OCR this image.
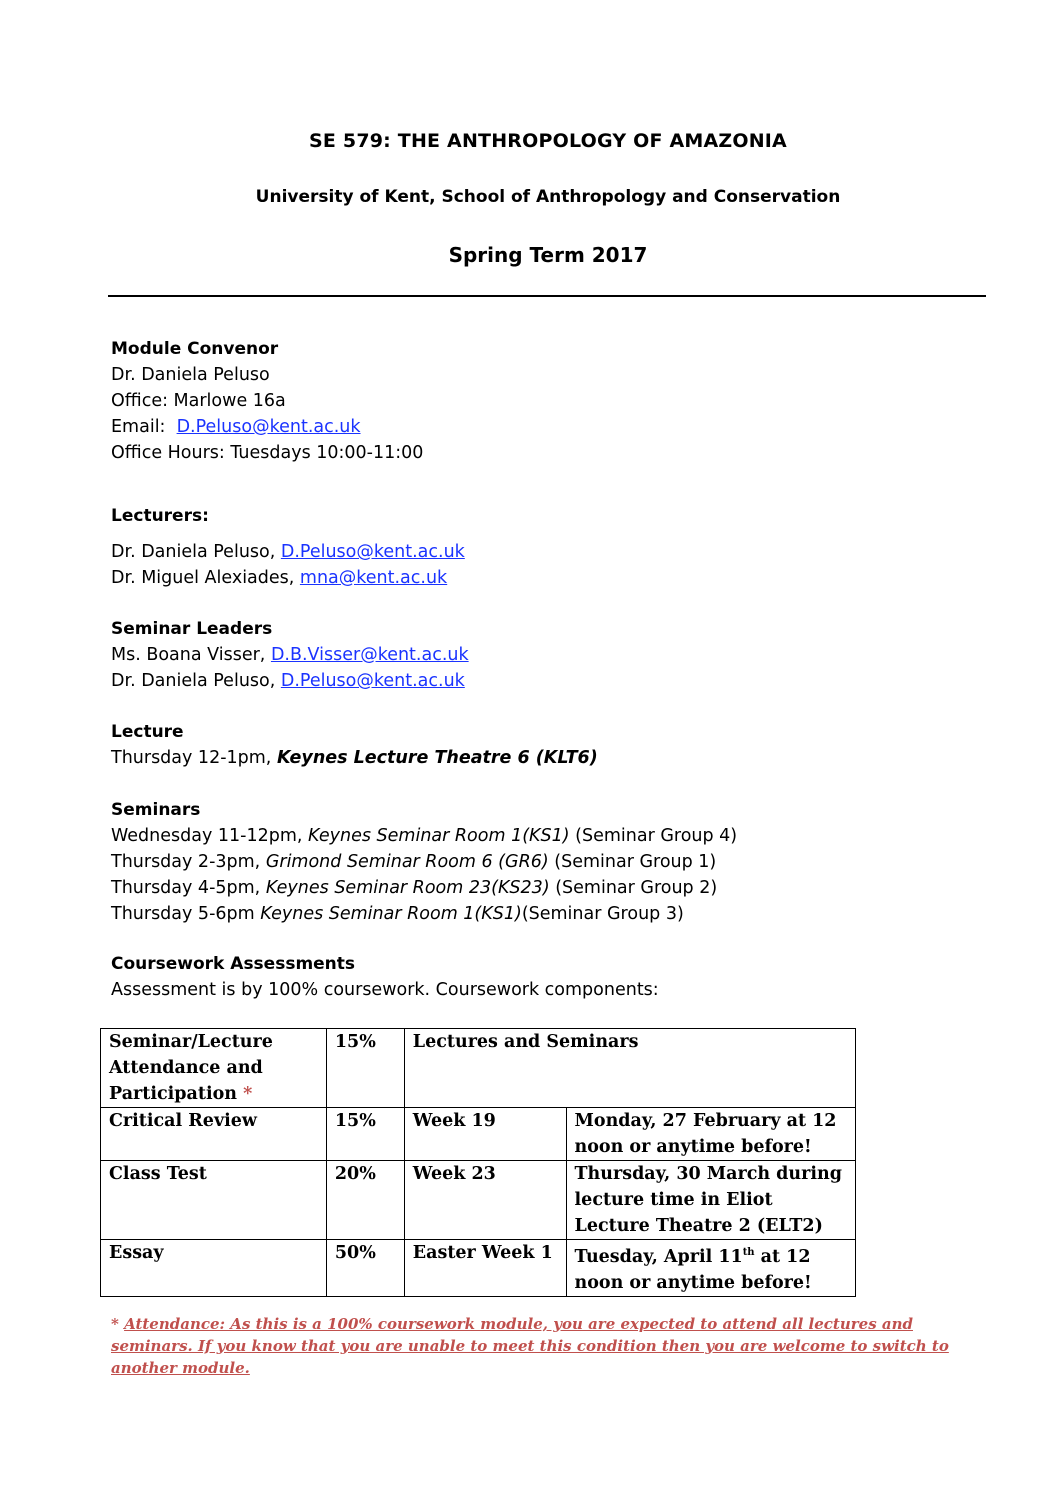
SE 579: THE ANTHROPOLOGY OF AMAZONIA
University of Kent, School of Anthropology and Conservation
Spring Term 2017
Module Convenor
Dr. Daniela Peluso
Office: Marlowe 16a
Email:  D.Peluso@kent.ac.uk
Office Hours: Tuesdays 10:00-11:00
Lecturers:
Dr. Daniela Peluso, D.Peluso@kent.ac.uk
Dr. Miguel Alexiades, mna@kent.ac.uk
Seminar Leaders
Ms. Boana Visser, D.B.Visser@kent.ac.uk
Dr. Daniela Peluso, D.Peluso@kent.ac.uk
Lecture
Thursday 12-1pm, Keynes Lecture Theatre 6 (KLT6)
Seminars
Wednesday 11-12pm, Keynes Seminar Room 1(KS1) (Seminar Group 4)
Thursday 2-3pm, Grimond Seminar Room 6 (GR6) (Seminar Group 1)
Thursday 4-5pm, Keynes Seminar Room 23(KS23) (Seminar Group 2)
Thursday 5-6pm Keynes Seminar Room 1(KS1)(Seminar Group 3)
Coursework Assessments
Assessment is by 100% coursework. Coursework components:
Seminar/Lecture Attendance and Participation *	15%	Lectures and Seminars	
Critical Review	15%	Week 19	Monday, 27 February at 12 noon or anytime before!
Class Test	20%	Week 23	Thursday, 30 March during lecture time in Eliot Lecture Theatre 2 (ELT2)
Essay	50%	Easter Week 1	Tuesday, April 11th at 12 noon or anytime before!
* Attendance: As this is a 100% coursework module, you are expected to attend all lectures and seminars. If you know that you are unable to meet this condition then you are welcome to switch to another module.
